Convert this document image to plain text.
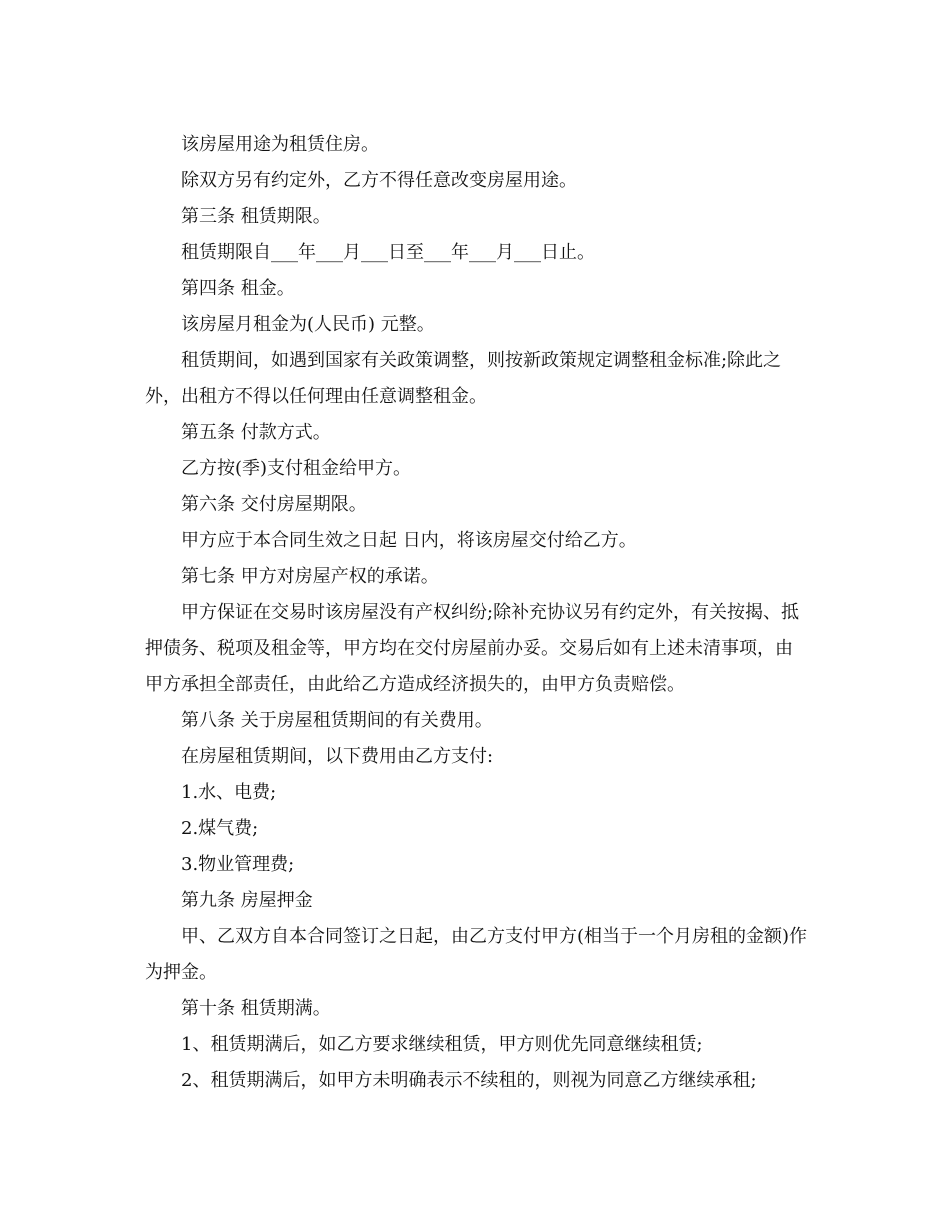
该房屋用途为租赁住房。

除双方另有约定外，乙方不得任意改变房屋用途。

第三条 租赁期限。

租赁期限自___年___月___日至___年___月___日止。

第四条 租金。

该房屋月租金为(人民币) 元整。

租赁期间，如遇到国家有关政策调整，则按新政策规定调整租金标准;除此之外，出租方不得以任何理由任意调整租金。

第五条 付款方式。

乙方按(季)支付租金给甲方。

第六条 交付房屋期限。

甲方应于本合同生效之日起 日内，将该房屋交付给乙方。

第七条 甲方对房屋产权的承诺。

甲方保证在交易时该房屋没有产权纠纷;除补充协议另有约定外，有关按揭、抵押债务、税项及租金等，甲方均在交付房屋前办妥。交易后如有上述未清事项，由甲方承担全部责任，由此给乙方造成经济损失的，由甲方负责赔偿。

第八条 关于房屋租赁期间的有关费用。

在房屋租赁期间，以下费用由乙方支付:

1.水、电费;

2.煤气费;

3.物业管理费;

第九条 房屋押金

甲、乙双方自本合同签订之日起，由乙方支付甲方(相当于一个月房租的金额)作为押金。

第十条 租赁期满。

1、租赁期满后，如乙方要求继续租赁，甲方则优先同意继续租赁;

2、租赁期满后，如甲方未明确表示不续租的，则视为同意乙方继续承租;
